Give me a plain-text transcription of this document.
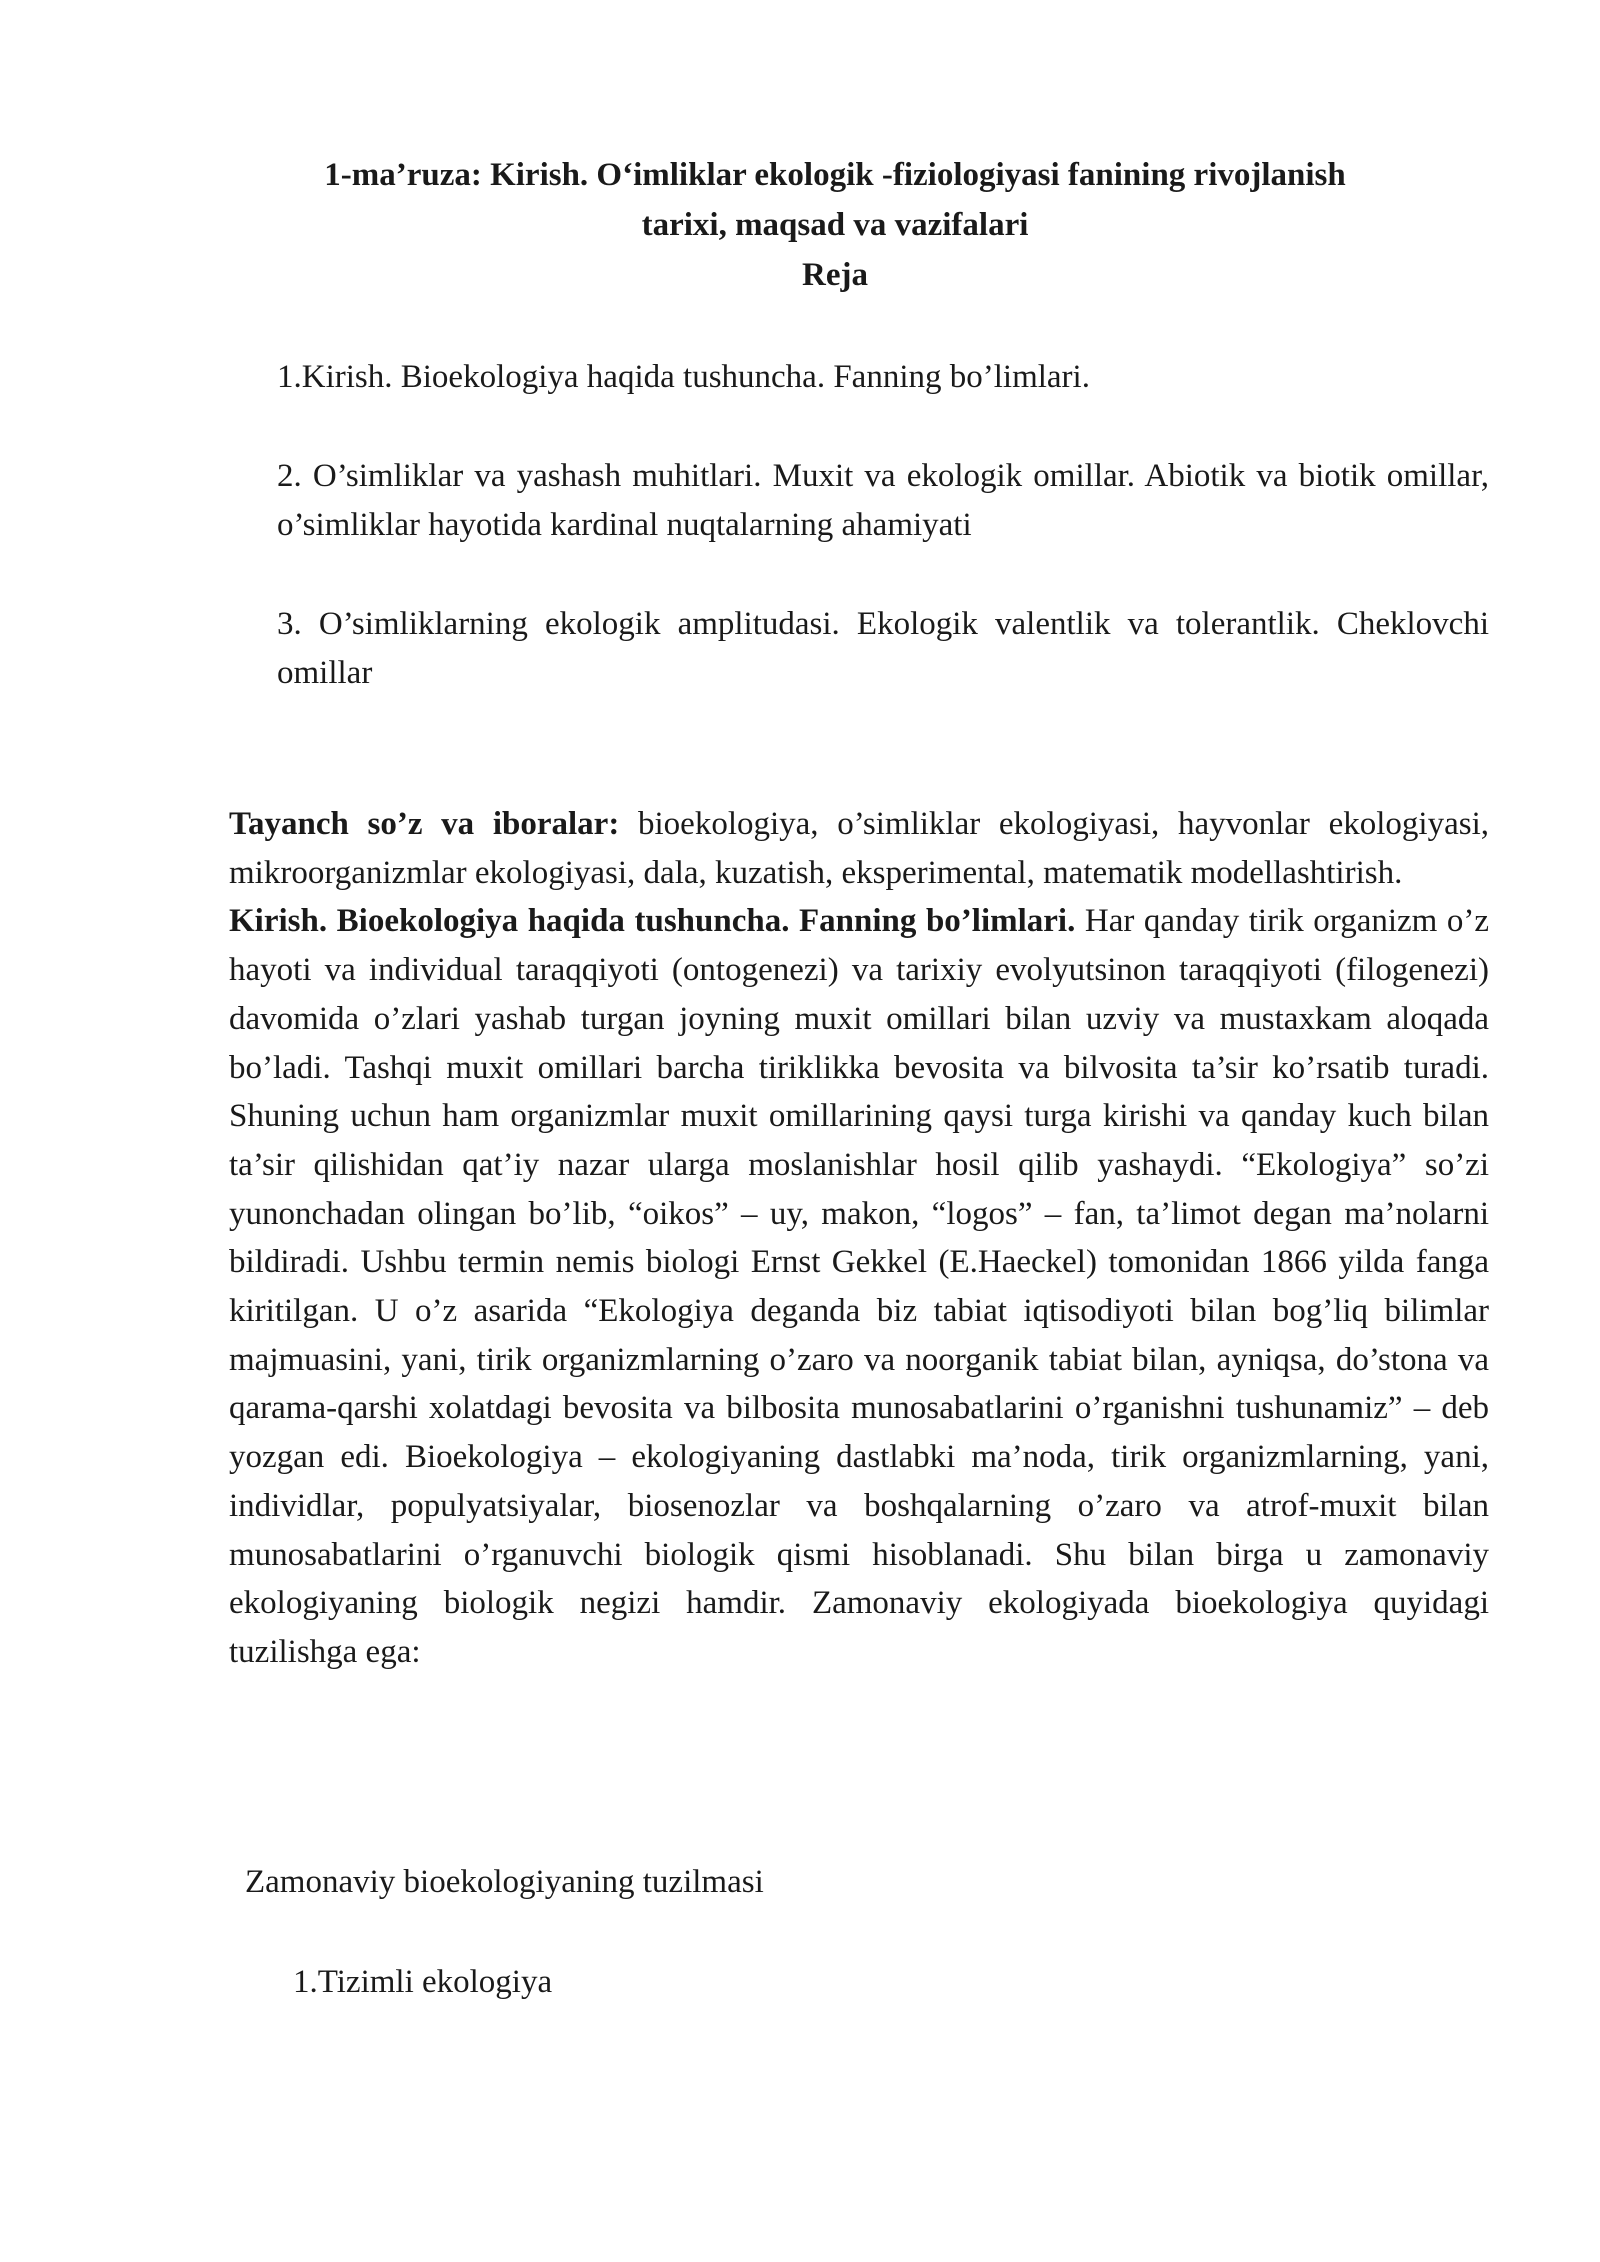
1-ma’ruza: Kirish. O‘imliklar ekologik -fiziologiyasi fanining rivojlanish
tarixi, maqsad va vazifalari
Reja
1.Kirish. Bioekologiya haqida tushuncha. Fanning bo’limlari.
2. O’simliklar va yashash muhitlari. Muxit va ekologik omillar. Abiotik va biotik omillar, o’simliklar hayotida kardinal nuqtalarning ahamiyati
3. O’simliklarning ekologik amplitudasi. Ekologik valentlik va tolerantlik. Cheklovchi omillar

Tayanch so’z va iboralar: bioekologiya, o’simliklar ekologiyasi, hayvonlar ekologiyasi, mikroorganizmlar ekologiyasi, dala, kuzatish, eksperimental, matematik modellashtirish.

Kirish. Bioekologiya haqida tushuncha. Fanning bo’limlari. Har qanday tirik organizm o’z hayoti va individual taraqqiyoti (ontogenezi) va tarixiy evolyutsinon taraqqiyoti (filogenezi) davomida o’zlari yashab turgan joyning muxit omillari bilan uzviy va mustaxkam aloqada bo’ladi. Tashqi muxit omillari barcha tiriklikka bevosita va bilvosita ta’sir ko’rsatib turadi. Shuning uchun ham organizmlar muxit omillarining qaysi turga kirishi va qanday kuch bilan ta’sir qilishidan qat’iy nazar ularga moslanishlar hosil qilib yashaydi. “Ekologiya” so’zi yunonchadan olingan bo’lib, “oikos” – uy, makon, “logos” – fan, ta’limot degan ma’nolarni bildiradi. Ushbu termin nemis biologi Ernst Gekkel (E.Haeckel) tomonidan 1866 yilda fanga kiritilgan. U o’z asarida “Ekologiya deganda biz tabiat iqtisodiyoti bilan bog’liq bilimlar majmuasini, yani, tirik organizmlarning o’zaro va noorganik tabiat bilan, ayniqsa, do’stona va qarama-qarshi xolatdagi bevosita va bilbosita munosabatlarini o’rganishni tushunamiz” – deb yozgan edi. Bioekologiya – ekologiyaning dastlabki ma’noda, tirik organizmlarning, yani, individlar, populyatsiyalar, biosenozlar va boshqalarning o’zaro va atrof-muxit bilan munosabatlarini o’rganuvchi biologik qismi hisoblanadi. Shu bilan birga u zamonaviy ekologiyaning biologik negizi hamdir. Zamonaviy ekologiyada bioekologiya quyidagi tuzilishga ega:

Zamonaviy bioekologiyaning tuzilmasi
1.Tizimli ekologiya
